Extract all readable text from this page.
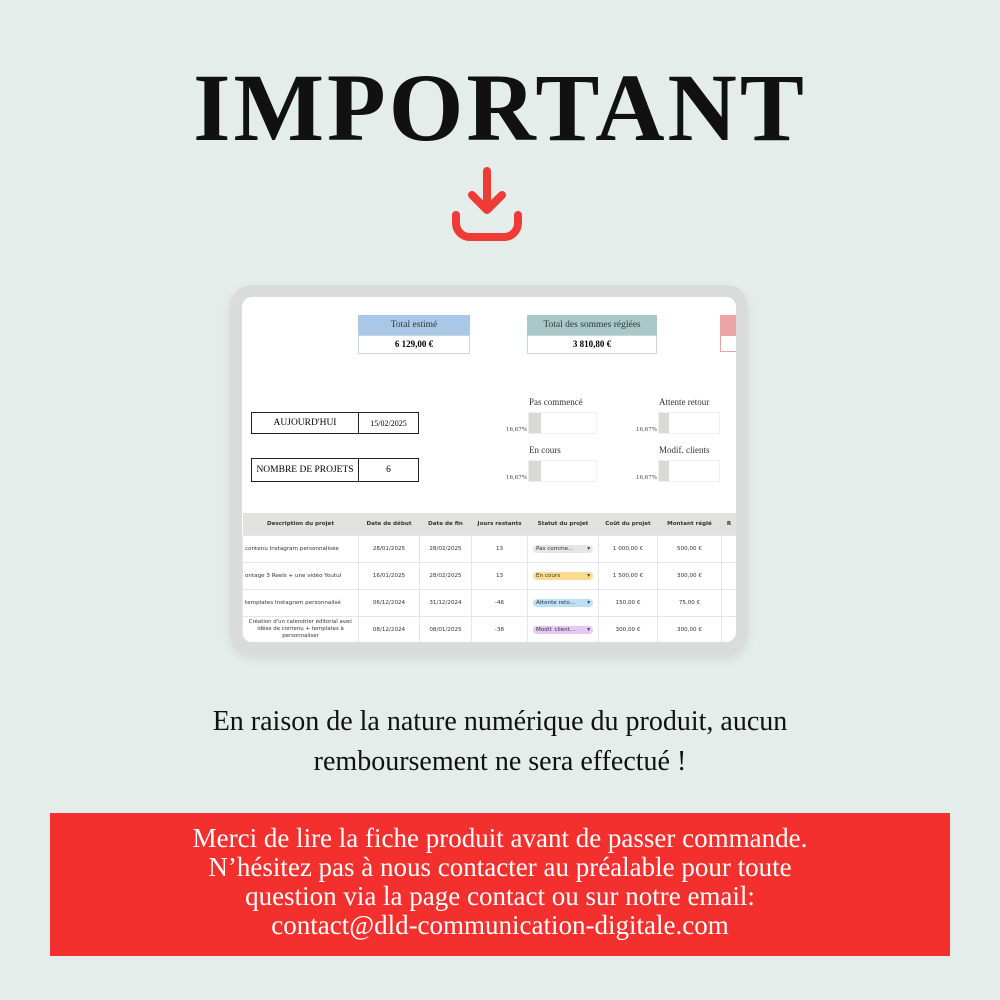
IMPORTANT
Total estimé
6 129,00 €
Total des sommes réglées
3 810,80 €
AUJOURD'HUI	15/02/2025
NOMBRE DE PROJETS	6
Pas commencé
16,67%
Attente retour
16,67%
En cours
16,67%
Modif. clients
16,67%
Description du projet	Date de début	Date de fin	Jours restants	Statut du projet	Coût du projet	Montant réglé	R
contenu Instagram personnalisée	28/01/2025	28/02/2025	13	Pas comme... ▾	1 000,00 €	500,00 €	
ontage 3 Reels + une vidéo Youtul	16/01/2025	28/02/2025	13	En cours ▾	1 500,00 €	300,00 €	
templates Instagram personnalisé	06/12/2024	31/12/2024	-46	Attente reto... ▾	150,00 €	75,00 €	
Création d'un calendrier éditorial avec idées de contenu + templates à personnaliser	08/12/2024	08/01/2025	-38	Modif. client... ▾	300,00 €	300,00 €	
En raison de la nature numérique du produit, aucun
remboursement ne sera effectué !
Merci de lire la fiche produit avant de passer commande.
N’hésitez pas à nous contacter au préalable pour toute
question via la page contact ou sur notre email:
contact@dld-communication-digitale.com
